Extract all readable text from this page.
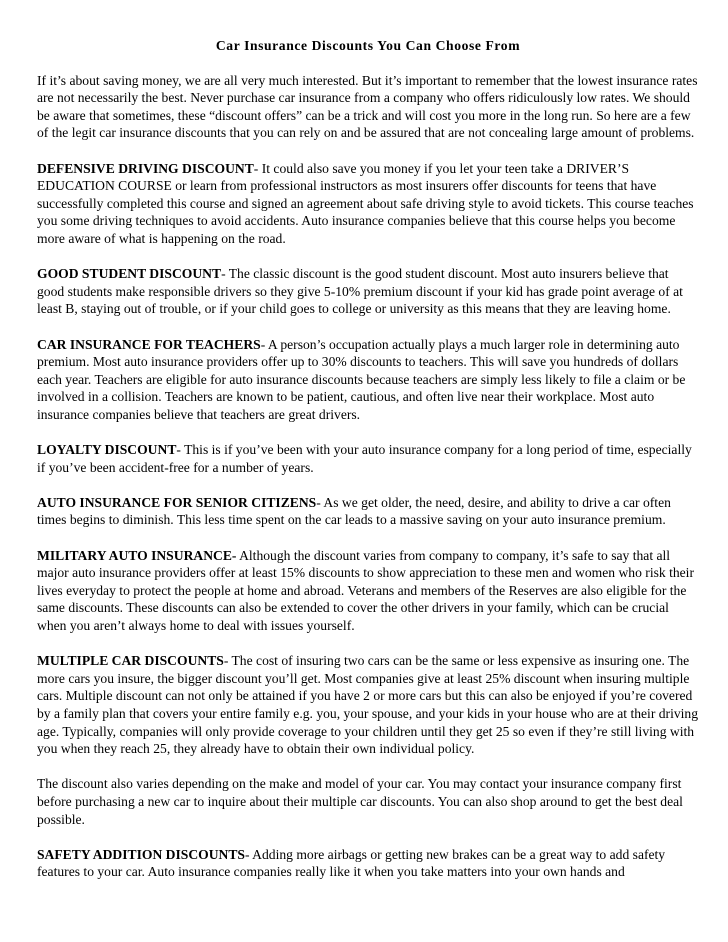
Car Insurance Discounts You Can Choose From

If it’s about saving money, we are all very much interested. But it’s important to remember that the lowest insurance rates are not necessarily the best. Never purchase car insurance from a company who offers ridiculously low rates. We should be aware that sometimes, these “discount offers” can be a trick and will cost you more in the long run. So here are a few of the legit car insurance discounts that you can rely on and be assured that are not concealing large amount of problems.

DEFENSIVE DRIVING DISCOUNT- It could also save you money if you let your teen take a DRIVER’S EDUCATION COURSE or learn from professional instructors as most insurers offer discounts for teens that have successfully completed this course and signed an agreement about safe driving style to avoid tickets. This course teaches you some driving techniques to avoid accidents. Auto insurance companies believe that this course helps you become more aware of what is happening on the road.

GOOD STUDENT DISCOUNT- The classic discount is the good student discount. Most auto insurers believe that good students make responsible drivers so they give 5-10% premium discount if your kid has grade point average of at least B, staying out of trouble, or if your child goes to college or university as this means that they are leaving home.

CAR INSURANCE FOR TEACHERS- A person’s occupation actually plays a much larger role in determining auto premium. Most auto insurance providers offer up to 30% discounts to teachers. This will save you hundreds of dollars each year. Teachers are eligible for auto insurance discounts because teachers are simply less likely to file a claim or be involved in a collision. Teachers are known to be patient, cautious, and often live near their workplace. Most auto insurance companies believe that teachers are great drivers.

LOYALTY DISCOUNT- This is if you’ve been with your auto insurance company for a long period of time, especially if you’ve been accident-free for a number of years.

AUTO INSURANCE FOR SENIOR CITIZENS- As we get older, the need, desire, and ability to drive a car often times begins to diminish. This less time spent on the car leads to a massive saving on your auto insurance premium.

MILITARY AUTO INSURANCE- Although the discount varies from company to company, it’s safe to say that all major auto insurance providers offer at least 15% discounts to show appreciation to these men and women who risk their lives everyday to protect the people at home and abroad. Veterans and members of the Reserves are also eligible for the same discounts. These discounts can also be extended to cover the other drivers in your family, which can be crucial when you aren’t always home to deal with issues yourself.

MULTIPLE CAR DISCOUNTS- The cost of insuring two cars can be the same or less expensive as insuring one. The more cars you insure, the bigger discount you’ll get. Most companies give at least 25% discount when insuring multiple cars. Multiple discount can not only be attained if you have 2 or more cars but this can also be enjoyed if you’re covered by a family plan that covers your entire family e.g. you, your spouse, and your kids in your house who are at their driving age. Typically, companies will only provide coverage to your children until they get 25 so even if they’re still living with you when they reach 25, they already have to obtain their own individual policy.

The discount also varies depending on the make and model of your car. You may contact your insurance company first before purchasing a new car to inquire about their multiple car discounts. You can also shop around to get the best deal possible.

SAFETY ADDITION DISCOUNTS- Adding more airbags or getting new brakes can be a great way to add safety features to your car. Auto insurance companies really like it when you take matters into your own hands and
